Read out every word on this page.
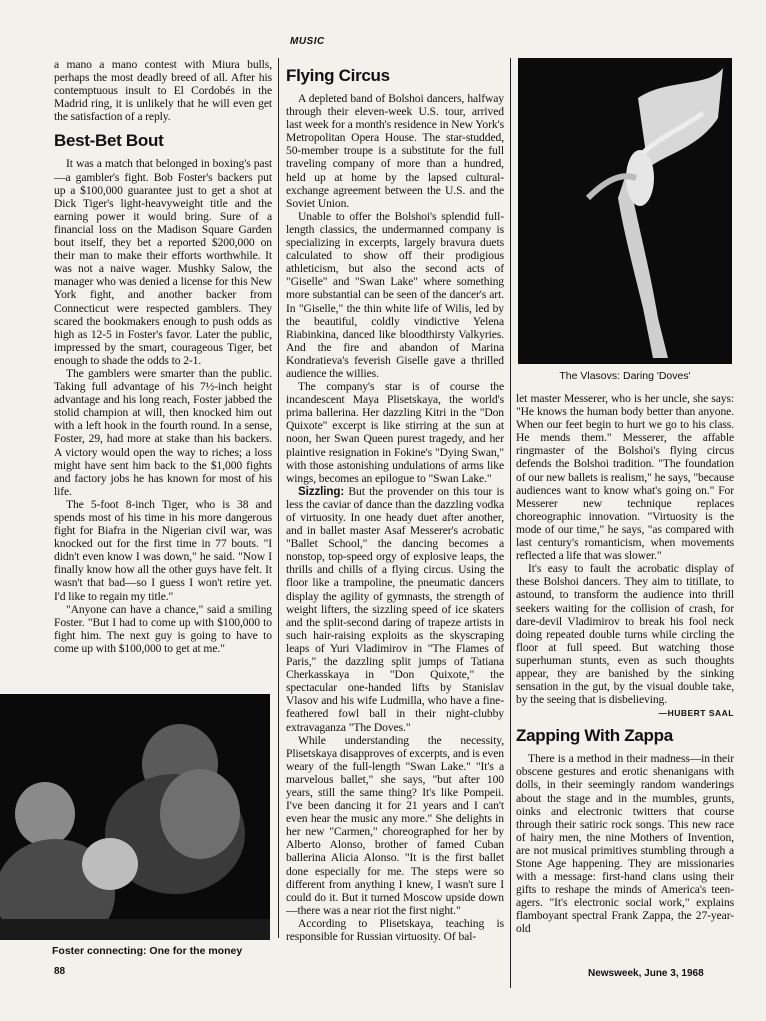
MUSIC

a mano a mano contest with Miura bulls, perhaps the most deadly breed of all. After his contemptuous insult to El Cordobés in the Madrid ring, it is unlikely that he will even get the satisfaction of a reply.

Best-Bet Bout

It was a match that belonged in boxing's past—a gambler's fight. Bob Foster's backers put up a $100,000 guarantee just to get a shot at Dick Tiger's light-heavyweight title and the earning power it would bring. Sure of a financial loss on the Madison Square Garden bout itself, they bet a reported $200,000 on their man to make their efforts worthwhile. It was not a naive wager. Mushky Salow, the manager who was denied a license for this New York fight, and another backer from Connecticut were respected gamblers. They scared the bookmakers enough to push odds as high as 12-5 in Foster's favor. Later the public, impressed by the smart, courageous Tiger, bet enough to shade the odds to 2-1.

The gamblers were smarter than the public. Taking full advantage of his 7½-inch height advantage and his long reach, Foster jabbed the stolid champion at will, then knocked him out with a left hook in the fourth round. In a sense, Foster, 29, had more at stake than his backers. A victory would open the way to riches; a loss might have sent him back to the $1,000 fights and factory jobs he has known for most of his life.

The 5-foot 8-inch Tiger, who is 38 and spends most of his time in his more dangerous fight for Biafra in the Nigerian civil war, was knocked out for the first time in 77 bouts. "I didn't even know I was down," he said. "Now I finally know how all the other guys have felt. It wasn't that bad—so I guess I won't retire yet. I'd like to regain my title."

"Anyone can have a chance," said a smiling Foster. "But I had to come up with $100,000 to fight him. The next guy is going to have to come up with $100,000 to get at me."

Foster connecting: One for the money
Flying Circus

A depleted band of Bolshoi dancers, halfway through their eleven-week U.S. tour, arrived last week for a month's residence in New York's Metropolitan Opera House. The star-studded, 50-member troupe is a substitute for the full traveling company of more than a hundred, held up at home by the lapsed cultural-exchange agreement between the U.S. and the Soviet Union.

Unable to offer the Bolshoi's splendid full-length classics, the undermanned company is specializing in excerpts, largely bravura duets calculated to show off their prodigious athleticism, but also the second acts of "Giselle" and "Swan Lake" where something more substantial can be seen of the dancer's art. In "Giselle," the thin white life of Wilis, led by the beautiful, coldly vindictive Yelena Riabinkina, danced like bloodthirsty Valkyries. And the fire and abandon of Marina Kondratieva's feverish Giselle gave a thrilled audience the willies.

The company's star is of course the incandescent Maya Plisetskaya, the world's prima ballerina. Her dazzling Kitri in the "Don Quixote" excerpt is like stirring at the sun at noon, her Swan Queen purest tragedy, and her plaintive resignation in Fokine's "Dying Swan," with those astonishing undulations of arms like wings, becomes an epilogue to "Swan Lake."

Sizzling: But the provender on this tour is less the caviar of dance than the dazzling vodka of virtuosity. In one heady duet after another, and in ballet master Asaf Messerer's acrobatic "Ballet School," the dancing becomes a nonstop, top-speed orgy of explosive leaps, the thrills and chills of a flying circus. Using the floor like a trampoline, the pneumatic dancers display the agility of gymnasts, the strength of weight lifters, the sizzling speed of ice skaters and the split-second daring of trapeze artists in such hair-raising exploits as the skyscraping leaps of Yuri Vladimirov in "The Flames of Paris," the dazzling split jumps of Tatiana Cherkasskaya in "Don Quixote," the spectacular one-handed lifts by Stanislav Vlasov and his wife Ludmilla, who have a fine-feathered fowl ball in their night-clubby extravaganza "The Doves."

While understanding the necessity, Plisetskaya disapproves of excerpts, and is even weary of the full-length "Swan Lake." "It's a marvelous ballet," she says, "but after 100 years, still the same thing? It's like Pompeii. I've been dancing it for 21 years and I can't even hear the music any more." She delights in her new "Carmen," choreographed for her by Alberto Alonso, brother of famed Cuban ballerina Alicia Alonso. "It is the first ballet done especially for me. The steps were so different from anything I knew, I wasn't sure I could do it. But it turned Moscow upside down—there was a near riot the first night."

According to Plisetskaya, teaching is responsible for Russian virtuosity. Of bal-

The Vlasovs: Daring 'Doves'

let master Messerer, who is her uncle, she says: "He knows the human body better than anyone. When our feet begin to hurt we go to his class. He mends them." Messerer, the affable ringmaster of the Bolshoi's flying circus defends the Bolshoi tradition. "The foundation of our new ballets is realism," he says, "because audiences want to know what's going on." For Messerer new technique replaces choreographic innovation. "Virtuosity is the mode of our time," he says, "as compared with last century's romanticism, when movements reflected a life that was slower."

It's easy to fault the acrobatic display of these Bolshoi dancers. They aim to titillate, to astound, to transform the audience into thrill seekers waiting for the collision of crash, for dare-devil Vladimirov to break his fool neck doing repeated double turns while circling the floor at full speed. But watching those superhuman stunts, even as such thoughts appear, they are banished by the sinking sensation in the gut, by the visual double take, by the seeing that is disbelieving.

—HUBERT SAAL
Zapping With Zappa

There is a method in their madness—in their obscene gestures and erotic shenanigans with dolls, in their seemingly random wanderings about the stage and in the mumbles, grunts, oinks and electronic twitters that course through their satiric rock songs. This new race of hairy men, the nine Mothers of Invention, are not musical primitives stumbling through a Stone Age happening. They are missionaries with a message: first-hand clans using their gifts to reshape the minds of America's teen-agers. "It's electronic social work," explains flamboyant spectral Frank Zappa, the 27-year-old

88	Newsweek, June 3, 1968
